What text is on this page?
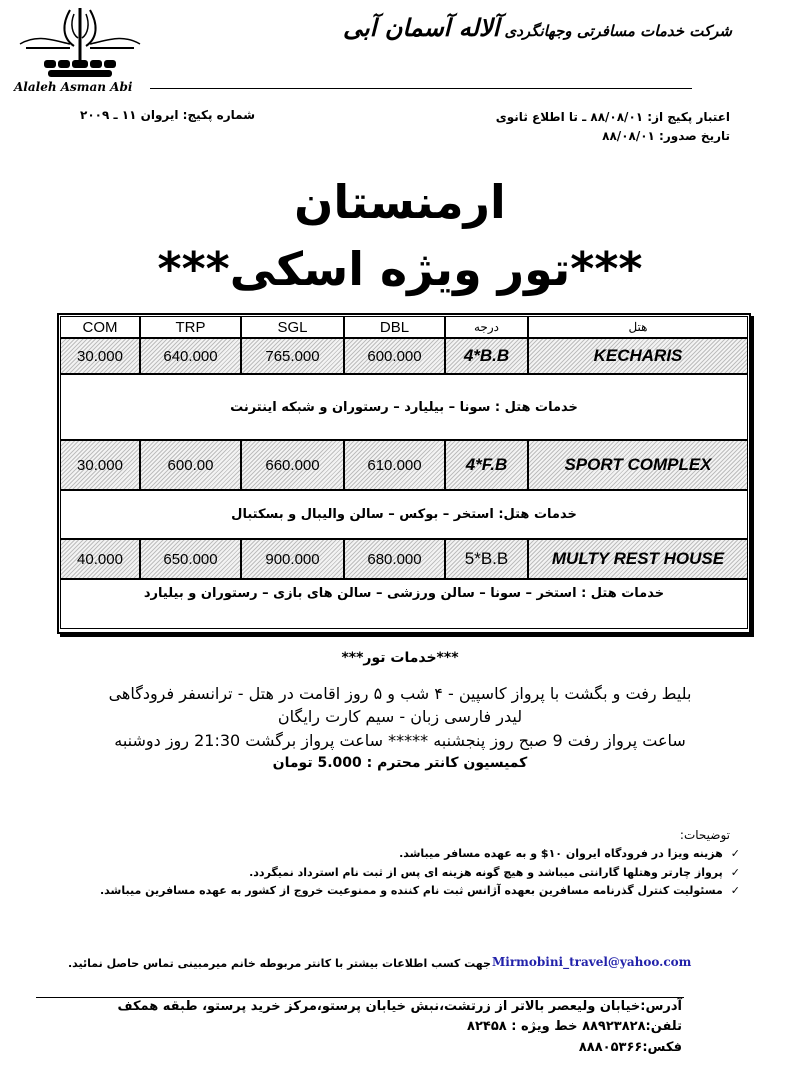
Alaleh Asman Abi
شرکت خدمات مسافرتی وجهانگردی آلاله آسمان آبی
اعتبار پکیج از: ۸۸/۰۸/۰۱ ـ تا اطلاع ثانوی
تاریخ صدور: ۸۸/۰۸/۰۱
شماره پکیج: ایروان ۱۱ ـ ۲۰۰۹
ارمنستان
***تور ویژه اسکی***
COM	TRP	SGL	DBL	درجه	هتل
30.000	640.000	765.000	600.000	4*B.B	KECHARIS
خدمات هتل : سونا – بیلیارد – رستوران و شبکه اینترنت
30.000	600.00	660.000	610.000	4*F.B	SPORT COMPLEX
خدمات هتل: استخر – بوکس – سالن والیبال و بسکتبال
40.000	650.000	900.000	680.000	5*B.B	MULTY REST HOUSE
خدمات هتل : استخر – سونا – سالن ورزشی – سالن های بازی – رستوران و بیلیارد
***خدمات تور***
بلیط رفت و بگشت با پرواز کاسپین - ۴ شب و ۵ روز اقامت در هتل - ترانسفر فرودگاهی
لیدر فارسی زبان - سیم کارت رایگان
ساعت پرواز رفت 9 صبح روز پنجشنبه ***** ساعت پرواز برگشت 21:30 روز دوشنبه
کمیسیون کانتر محترم : 5.000 تومان
توضیحات:
✓هزینه ویزا در فرودگاه ایروان ۱۰$ و به عهده مسافر میباشد.
✓پرواز چارتر وهتلها گارانتی میباشد و هیچ گونه هزینه ای پس از ثبت نام استرداد نمیگردد.
✓مسئولیت کنترل گذرنامه مسافرین بعهده آژانس ثبت نام کننده و ممنوعیت خروج از کشور به عهده مسافرین میباشد.
Mirmobini_travel@yahoo.com
جهت کسب اطلاعات بیشتر با کانتر مربوطه خانم میرمبینی تماس حاصل نمائید.
آدرس:خیابان ولیعصر بالاتر از زرتشت،نبش خیابان پرستو،مرکز خرید پرستو، طبقه همکف
تلفن:۸۸۹۲۳۸۲۸ خط ویژه : ۸۲۴۵۸
فکس:۸۸۸۰۵۳۶۶
